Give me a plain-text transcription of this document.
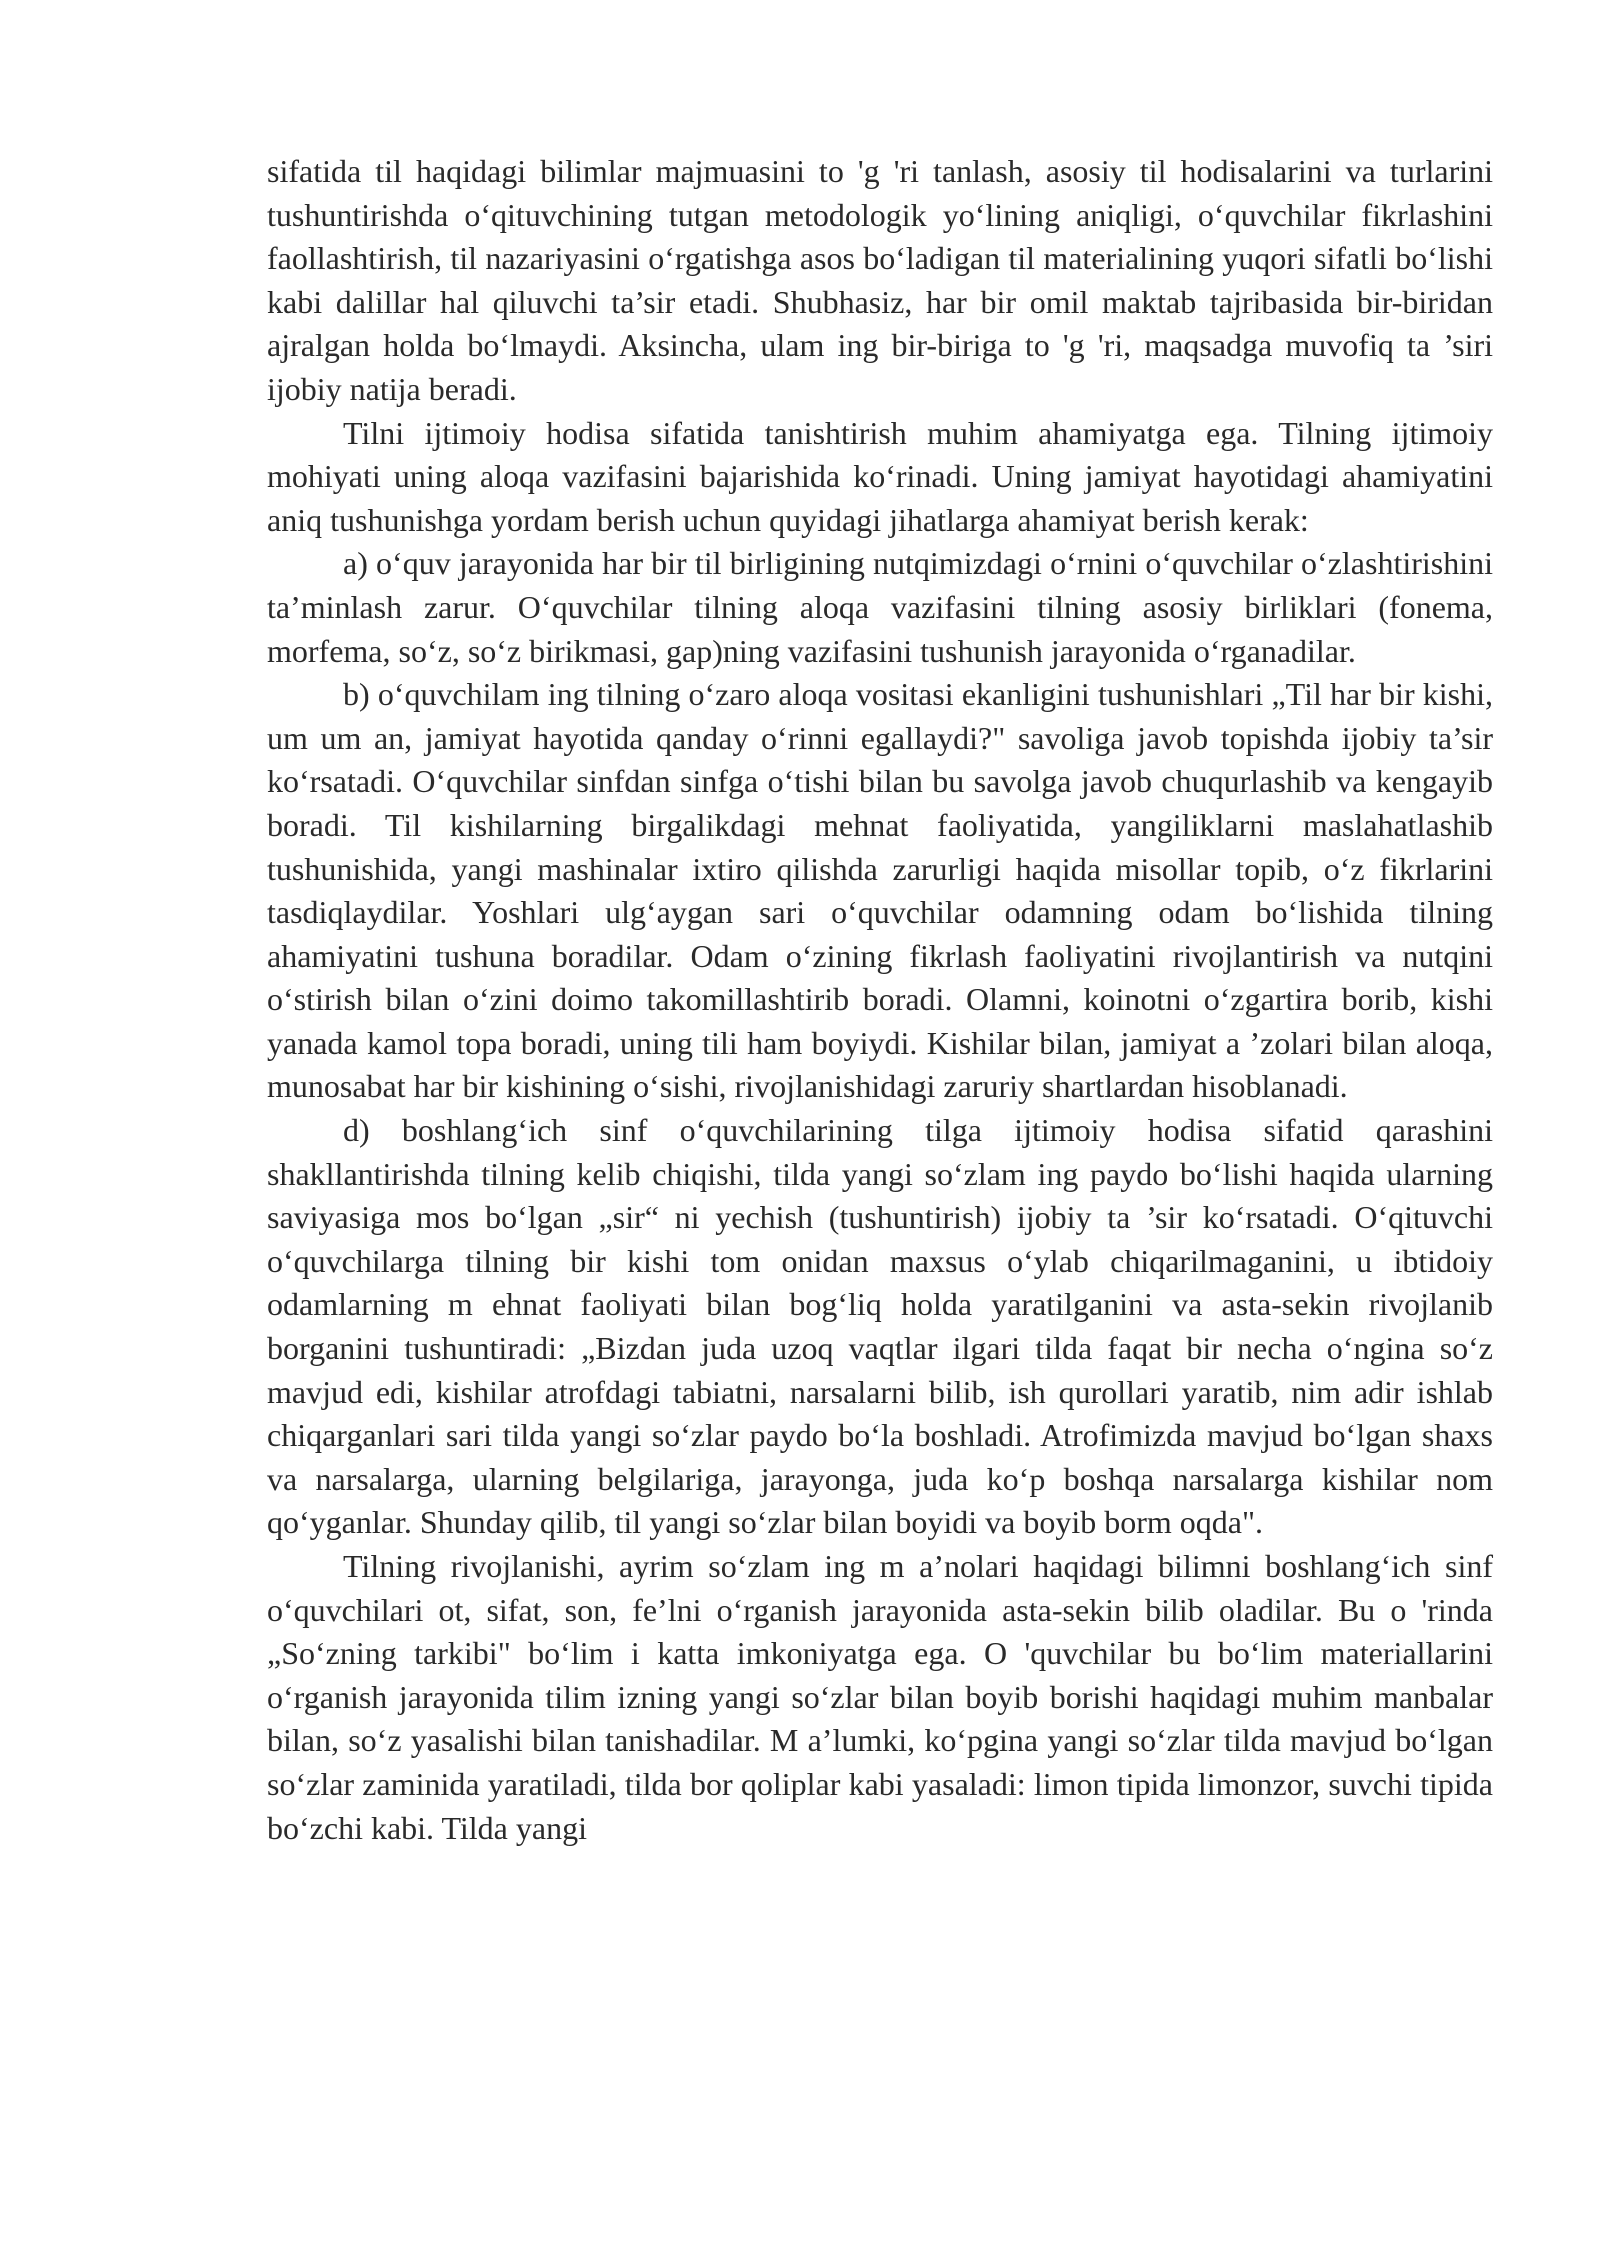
sifatida til haqidagi bilimlar majmuasini to 'g 'ri tanlash, asosiy til hodisalarini va turlarini tushuntirishda o‘qituvchining tutgan metodologik yo‘lining aniqligi, o‘quvchilar fikrlashini faollashtirish, til nazariyasini o‘rgatishga asos bo‘ladigan til materialining yuqori sifatli bo‘lishi kabi dalillar hal qiluvchi ta’sir etadi. Shubhasiz, har bir omil maktab tajribasida bir-biridan ajralgan holda bo‘lmaydi. Aksincha, ulam ing bir-biriga to 'g 'ri, maqsadga muvofiq ta ’siri ijobiy natija beradi.

Tilni ijtimoiy hodisa sifatida tanishtirish muhim ahamiyatga ega. Tilning ijtimoiy mohiyati uning aloqa vazifasini bajarishida ko‘rinadi. Uning jamiyat hayotidagi ahamiyatini aniq tushunishga yordam berish uchun quyidagi jihatlarga ahamiyat berish kerak:

a) o‘quv jarayonida har bir til birligining nutqimizdagi o‘rnini o‘quvchilar o‘zlashtirishini ta’minlash zarur. O‘quvchilar tilning aloqa vazifasini tilning asosiy birliklari (fonema, morfema, so‘z, so‘z birikmasi, gap)ning vazifasini tushunish jarayonida o‘rganadilar.

b) o‘quvchilam ing tilning o‘zaro aloqa vositasi ekanligini tushunishlari „Til har bir kishi, um um an, jamiyat hayotida qanday o‘rinni egallaydi?" savoliga javob topishda ijobiy ta’sir ko‘rsatadi. O‘quvchilar sinfdan sinfga o‘tishi bilan bu savolga javob chuqurlashib va kengayib boradi. Til kishilarning birgalikdagi mehnat faoliyatida, yangiliklarni maslahatlashib tushunishida, yangi mashinalar ixtiro qilishda zarurligi haqida misollar topib, o‘z fikrlarini tasdiqlaydilar. Yoshlari ulg‘aygan sari o‘quvchilar odamning odam bo‘lishida tilning ahamiyatini tushuna boradilar. Odam o‘zining fikrlash faoliyatini rivojlantirish va nutqini o‘stirish bilan o‘zini doimo takomillashtirib boradi. Olamni, koinotni o‘zgartira borib, kishi yanada kamol topa boradi, uning tili ham boyiydi. Kishilar bilan, jamiyat a ’zolari bilan aloqa, munosabat har bir kishining o‘sishi, rivojlanishidagi zaruriy shartlardan hisoblanadi.

d) boshlang‘ich sinf o‘quvchilarining tilga ijtimoiy hodisa sifatid qarashini shakllantirishda tilning kelib chiqishi, tilda yangi so‘zlam ing paydo bo‘lishi haqida ularning saviyasiga mos bo‘lgan „sir“ ni yechish (tushuntirish) ijobiy ta ’sir ko‘rsatadi. O‘qituvchi o‘quvchilarga tilning bir kishi tom onidan maxsus o‘ylab chiqarilmaganini, u ibtidoiy odamlarning m ehnat faoliyati bilan bog‘liq holda yaratilganini va asta-sekin rivojlanib borganini tushuntiradi: „Bizdan juda uzoq vaqtlar ilgari tilda faqat bir necha o‘ngina so‘z mavjud edi, kishilar atrofdagi tabiatni, narsalarni bilib, ish qurollari yaratib, nim adir ishlab chiqarganlari sari tilda yangi so‘zlar paydo bo‘la boshladi. Atrofimizda mavjud bo‘lgan shaxs va narsalarga, ularning belgilariga, jarayonga, juda ko‘p boshqa narsalarga kishilar nom qo‘yganlar. Shunday qilib, til yangi so‘zlar bilan boyidi va boyib borm oqda".

Tilning rivojlanishi, ayrim so‘zlam ing m a’nolari haqidagi bilimni boshlang‘ich sinf o‘quvchilari ot, sifat, son, fe’lni o‘rganish jarayonida asta-sekin bilib oladilar. Bu o 'rinda „So‘zning tarkibi" bo‘lim i katta imkoniyatga ega. O 'quvchilar bu bo‘lim materiallarini o‘rganish jarayonida tilim izning yangi so‘zlar bilan boyib borishi haqidagi muhim manbalar bilan, so‘z yasalishi bilan tanishadilar. M a’lumki, ko‘pgina yangi so‘zlar tilda mavjud bo‘lgan so‘zlar zaminida yaratiladi, tilda bor qoliplar kabi yasaladi: limon tipida limonzor, suvchi tipida bo‘zchi kabi. Tilda yangi
